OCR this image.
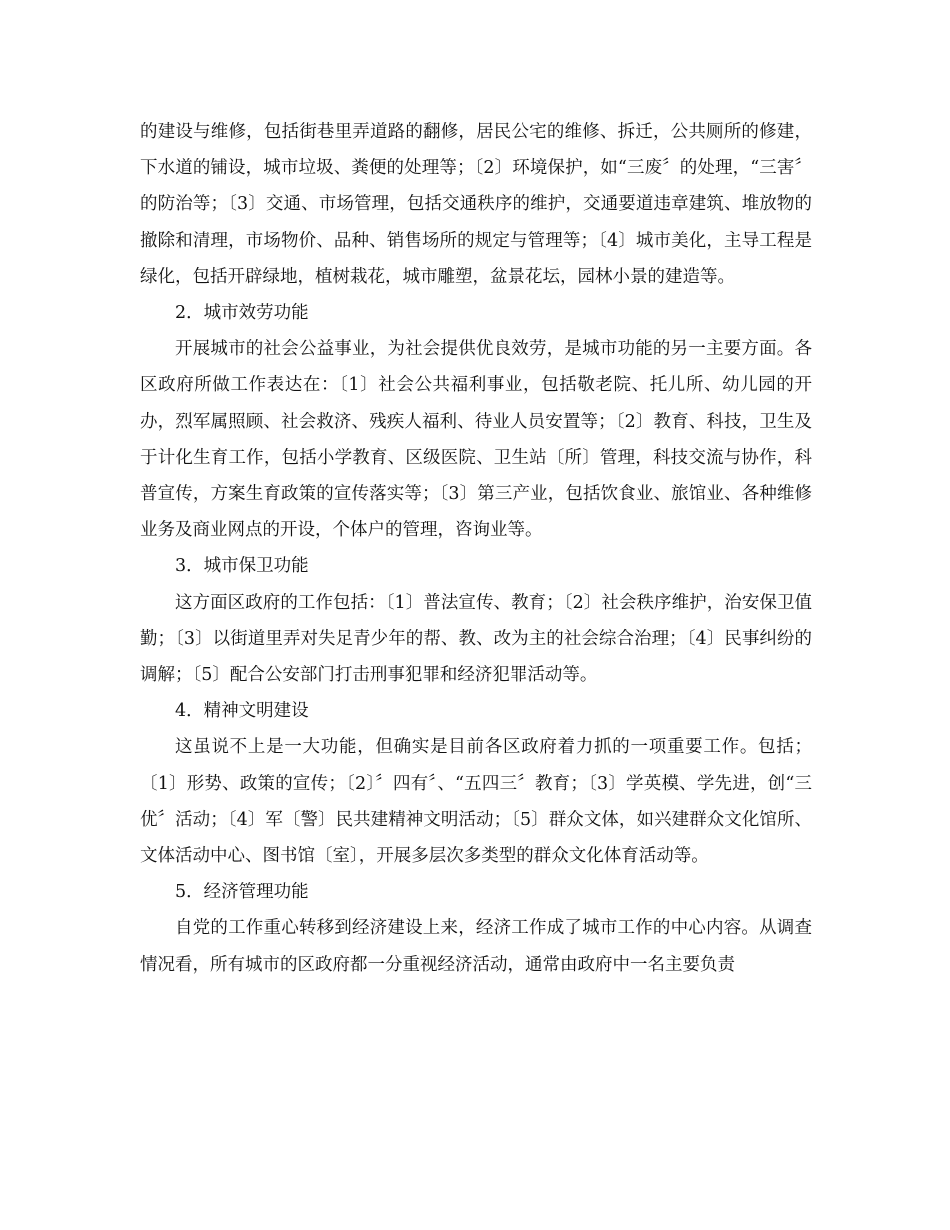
的建设与维修，包括街巷里弄道路的翻修，居民公宅的维修、拆迁，公共厕所的修建，下水道的铺设，城市垃圾、粪便的处理等；〔2〕环境保护，如“三废〞的处理，“三害〞的防治等；〔3〕交通、市场管理，包括交通秩序的维护，交通要道违章建筑、堆放物的撤除和清理，市场物价、品种、销售场所的规定与管理等；〔4〕城市美化，主导工程是绿化，包括开辟绿地，植树栽花，城市雕塑，盆景花坛，园林小景的建造等。

2．城市效劳功能

开展城市的社会公益事业，为社会提供优良效劳，是城市功能的另一主要方面。各区政府所做工作表达在：〔1〕社会公共福利事业，包括敬老院、托儿所、幼儿园的开办，烈军属照顾、社会救济、残疾人福利、待业人员安置等；〔2〕教育、科技，卫生及于计化生育工作，包括小学教育、区级医院、卫生站〔所〕管理，科技交流与协作，科普宣传，方案生育政策的宣传落实等；〔3〕第三产业，包括饮食业、旅馆业、各种维修业务及商业网点的开设，个体户的管理，咨询业等。

3．城市保卫功能

这方面区政府的工作包括：〔1〕普法宣传、教育；〔2〕社会秩序维护，治安保卫值勤；〔3〕以街道里弄对失足青少年的帮、教、改为主的社会综合治理；〔4〕民事纠纷的调解；〔5〕配合公安部门打击刑事犯罪和经济犯罪活动等。

4．精神文明建设

这虽说不上是一大功能，但确实是目前各区政府着力抓的一项重要工作。包括；〔1〕形势、政策的宣传；〔2〕〞四有〞、“五四三〞教育；〔3〕学英模、学先进，创“三优〞活动；〔4〕军〔警〕民共建精神文明活动；〔5〕群众文体，如兴建群众文化馆所、文体活动中心、图书馆〔室〕，开展多层次多类型的群众文化体育活动等。

5．经济管理功能

自党的工作重心转移到经济建设上来，经济工作成了城市工作的中心内容。从调查情况看，所有城市的区政府都一分重视经济活动，通常由政府中一名主要负责
